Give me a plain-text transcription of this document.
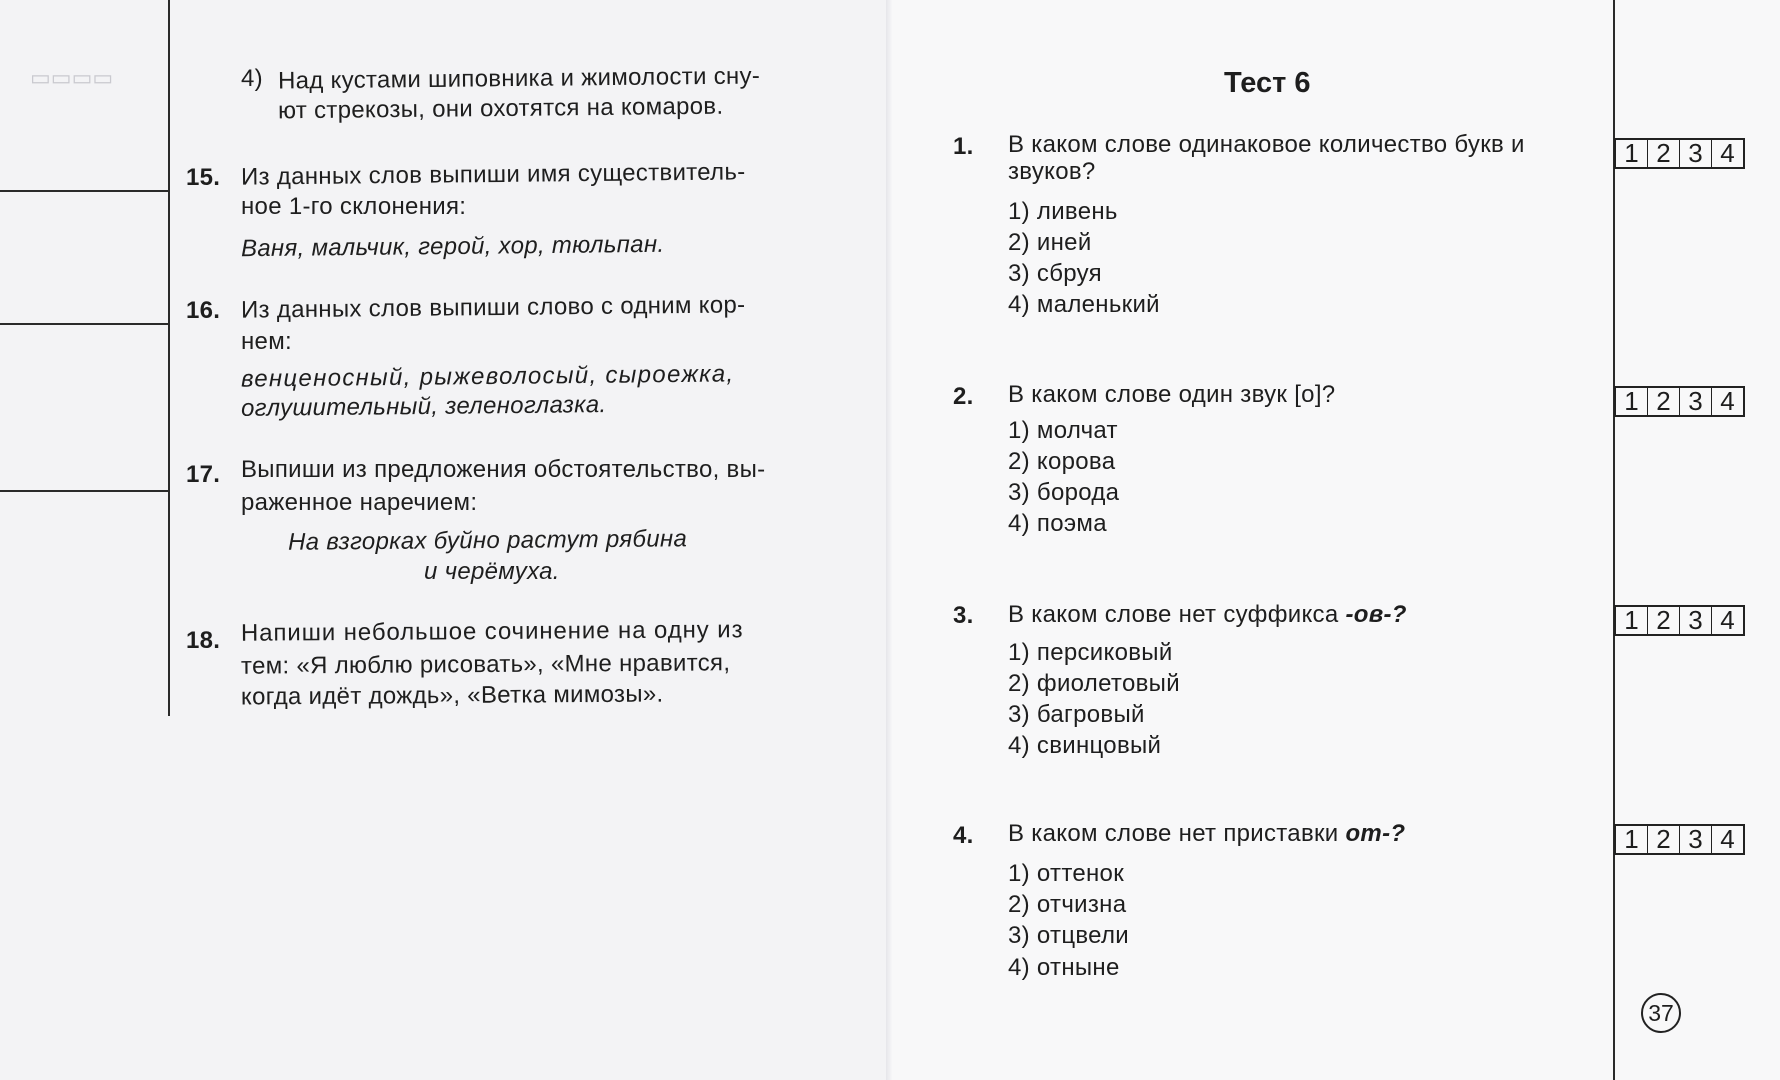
▭▭▭▭	4) Над кустами шиповника и жимолости сну-
ют стрекозы, они охотятся на комаров.
15. Из данных слов выпиши имя существитель-
ное 1-го склонения:
Ваня, мальчик, герой, хор, тюльпан.
16. Из данных слов выпиши слово с одним кор-
нем:
венценосный, рыжеволосый, сыроежка,
оглушительный, зеленоглазка.
17. Выпиши из предложения обстоятельство, вы-
раженное наречием:
На взгорках буйно растут рябина
и черёмуха.
18. Напиши небольшое сочинение на одну из
тем: «Я люблю рисовать», «Мне нравится,
когда идёт дождь», «Ветка мимозы».
Тест 6
1. В каком слове одинаковое количество букв и
звуков?
1) ливень
2) иней
3) сбруя
4) маленький
1 2 3 4
2. В каком слове один звук [о]?
1) молчат
2) корова
3) борода
4) поэма
1 2 3 4
3. В каком слове нет суффикса -ов-?
1) персиковый
2) фиолетовый
3) багровый
4) свинцовый
1 2 3 4
4. В каком слове нет приставки от-?
1) оттенок
2) отчизна
3) отцвели
4) отныне
1 2 3 4
37
